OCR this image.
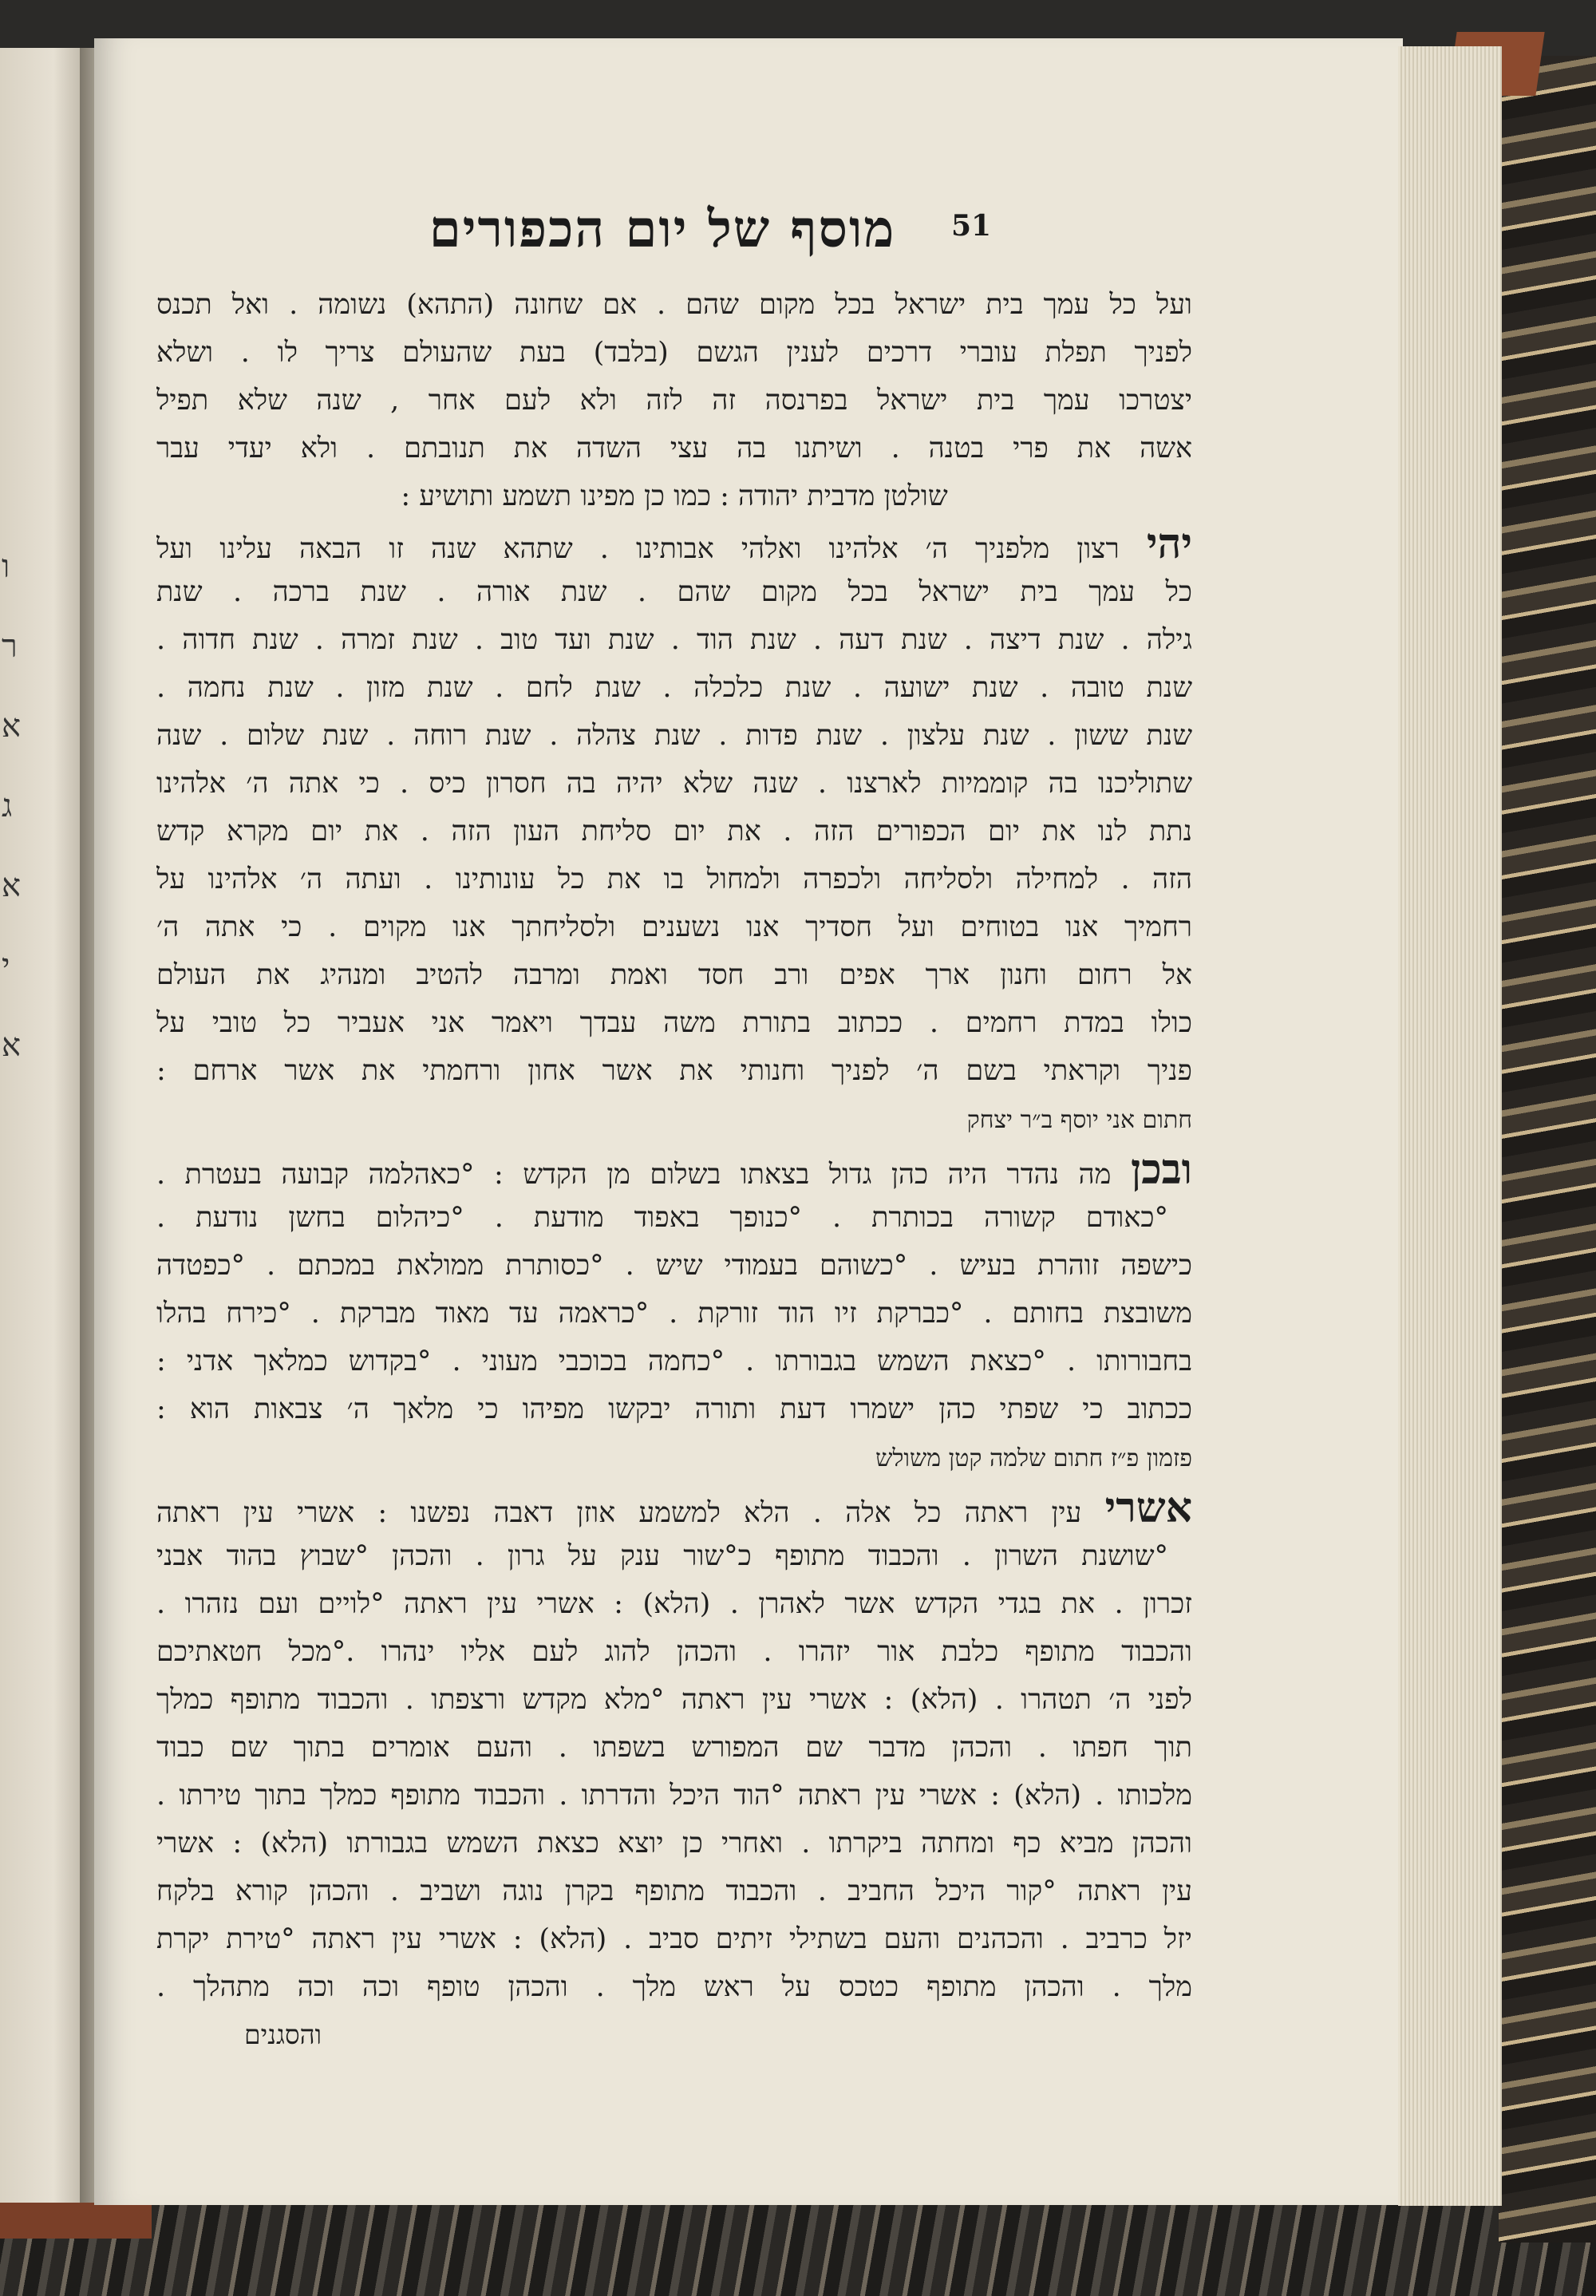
ו
ר
א
ג
א
י
א
מוסף של יום הכפורים	51
ועל כל עמך בית ישראל בכל מקום שהם . אם שחונה (התהא) נשומה . ואל תכנס
לפניך תפלת עוברי דרכים לענין הגשם (בלבד) בעת שהעולם צריך לו . ושלא
יצטרכו עמך בית ישראל בפרנסה זה לזה ולא לעם אחר , שנה שלא תפיל
אשה את פרי בטנה . ושיתנו בה עצי השדה את תנובתם . ולא יעדי עבר
שולטן מדבית יהודה : כמו כן מפינו תשמע ותושיע :
יהי רצון מלפניך ה׳ אלהינו ואלהי אבותינו . שתהא שנה זו הבאה עלינו ועל
כל עמך בית ישראל בכל מקום שהם . שנת אורה . שנת ברכה . שנת
גילה . שנת דיצה . שנת דעה . שנת הוד . שנת ועד טוב . שנת זמרה . שנת חדוה .
שנת טובה . שנת ישועה . שנת כלכלה . שנת לחם . שנת מזון . שנת נחמה .
שנת ששון . שנת עלצון . שנת פדות . שנת צהלה . שנת רוחה . שנת שלום . שנה
שתוליכנו בה קוממיות לארצנו . שנה שלא יהיה בה חסרון כיס . כי אתה ה׳ אלהינו
נתת לנו את יום הכפורים הזה . את יום סליחת העון הזה . את יום מקרא קדש
הזה . למחילה ולסליחה ולכפרה ולמחול בו את כל עונותינו . ועתה ה׳ אלהינו על
רחמיך אנו בטוחים ועל חסדיך אנו נשענים ולסליחתך אנו מקוים . כי אתה ה׳
אל רחום וחנון ארך אפים ורב חסד ואמת ומרבה להטיב ומנהיג את העולם
כולו במדת רחמים . ככתוב בתורת משה עבדך ויאמר אני אעביר כל טובי על
פניך וקראתי בשם ה׳ לפניך וחנותי את אשר אחון ורחמתי את אשר ארחם :
חתום אני יוסף ב״ר יצחק
ובכן מה נהדר היה כהן גדול בצאתו בשלום מן הקדש : °כאהלמה קבועה בעטרת .
°כאודם קשורה בכותרת . °כנופך באפוד מודעת . °כיהלום בחשן נודעת .
כישפה זוהרת בעיש . °כשוהם בעמודי שיש . °כסותרת ממולאת במכתם . °כפטדה
משובצת בחותם . °כברקת זיו הוד זורקת . °כראמה עד מאוד מברקת . °כירח בהלו
בחבורותו . °כצאת השמש בגבורתו . °כחמה בכוכבי מעוני . °בקדוש כמלאך אדני :
ככתוב כי שפתי כהן ישמרו דעת ותורה יבקשו מפיהו כי מלאך ה׳ צבאות הוא :
פזמון פ״ז חתום שלמה קטן משולש
אשרי עין ראתה כל אלה . הלא למשמע אוזן דאבה נפשנו : אשרי עין ראתה
°שושנת השרון . והכבוד מתופף כ°שור ענק על גרון . והכהן °שבוץ בהוד אבני
זכרון . את בגדי הקדש אשר לאהרן . (הלא) : אשרי עין ראתה °לויים ועם נזהרו .
והכבוד מתופף כלבת אור יזהרו . והכהן להוג לעם אליו ינהרו .°מכל חטאתיכם
לפני ה׳ תטהרו . (הלא) : אשרי עין ראתה °מלא מקדש ורצפתו . והכבוד מתופף כמלך
תוך חפתו . והכהן מדבר שם המפורש בשפתו . והעם אומרים בתוך שם כבוד
מלכותו . (הלא) : אשרי עין ראתה °הוד היכל והדרתו . והכבוד מתופף כמלך בתוך טירתו .
והכהן מביא כף ומחתה ביקרתו . ואחרי כן יוצא כצאת השמש בגבורתו (הלא) : אשרי
עין ראתה °קור היכל החביב . והכבוד מתופף בקרן נוגה ושביב . והכהן קורא בלקח
יזל כרביב . והכהנים והעם בשתילי זיתים סביב . (הלא) : אשרי עין ראתה °טירת יקרת
מלך . והכהן מתופף כטכס על ראש מלך . והכהן טופף וכה וכה מתהלך .
והסגנים
